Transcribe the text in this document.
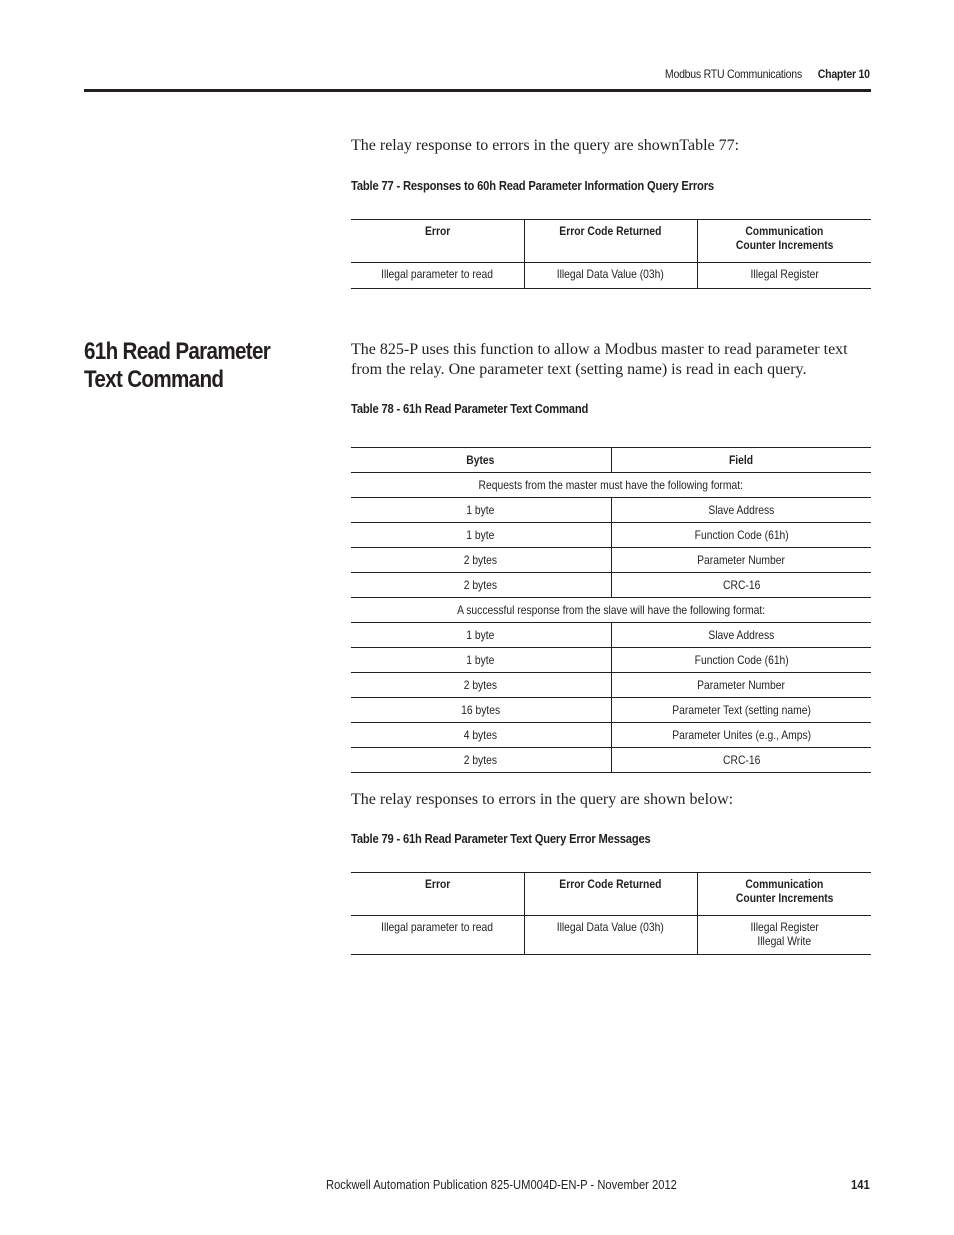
Modbus RTU Communications Chapter 10
The relay response to errors in the query are shownTable 77:
Table 77 - Responses to 60h Read Parameter Information Query Errors
Error	Error Code Returned	Communication
Counter Increments
Illegal parameter to read	Illegal Data Value (03h)	Illegal Register
61h Read Parameter
Text Command
The 825-P uses this function to allow a Modbus master to read parameter text from the relay. One parameter text (setting name) is read in each query.
Table 78 - 61h Read Parameter Text Command
Bytes	Field
Requests from the master must have the following format:	
1 byte	Slave Address
1 byte	Function Code (61h)
2 bytes	Parameter Number
2 bytes	CRC-16
A successful response from the slave will have the following format:	
1 byte	Slave Address
1 byte	Function Code (61h)
2 bytes	Parameter Number
16 bytes	Parameter Text (setting name)
4 bytes	Parameter Unites (e.g., Amps)
2 bytes	CRC-16
The relay responses to errors in the query are shown below:
Table 79 - 61h Read Parameter Text Query Error Messages
Error	Error Code Returned	Communication
Counter Increments
Illegal parameter to read	Illegal Data Value (03h)	Illegal Register
Illegal Write
Rockwell Automation Publication 825-UM004D-EN-P - November 2012	141
